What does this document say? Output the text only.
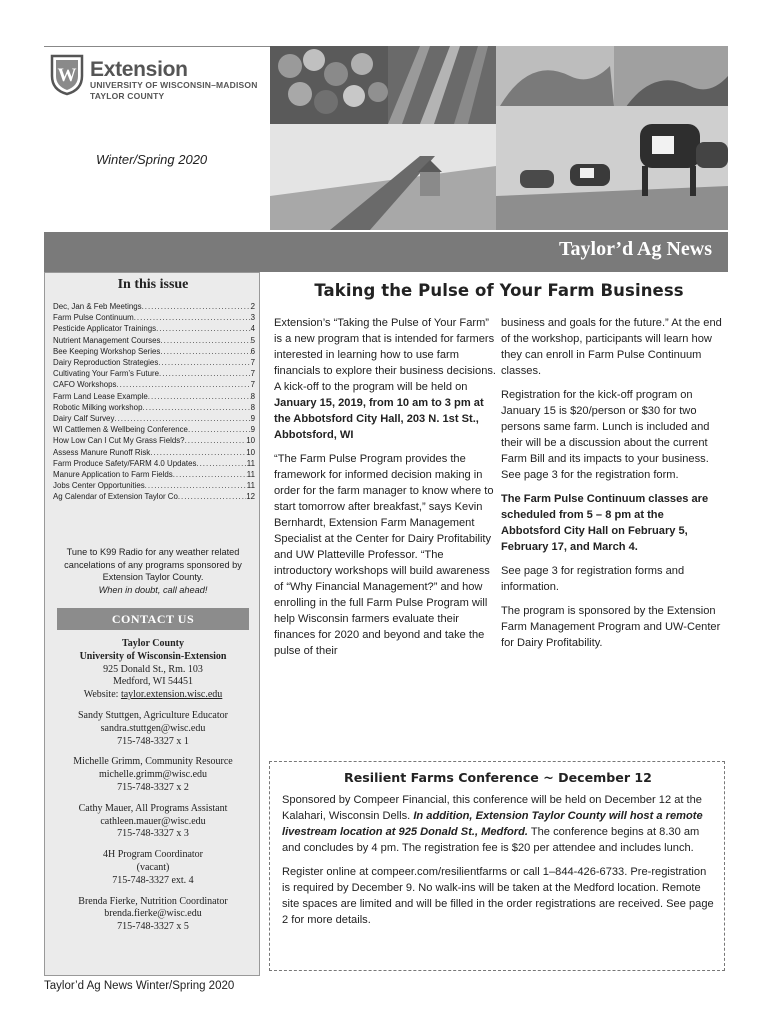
W Extension
UNIVERSITY OF WISCONSIN–MADISON
TAYLOR COUNTY
Winter/Spring 2020
Taylor’d Ag News
In this issue
Dec, Jan & Feb Meetings .....	2
Farm Pulse Continuum .....	3
Pesticide Applicator Trainings .....	4
Nutrient Management Courses .....	5
Bee Keeping Workshop Series .....	6
Dairy Reproduction Strategies .....	7
Cultivating Your Farm’s Future .....	7
CAFO Workshops .....	7
Farm Land Lease Example .....	8
Robotic Milking workshop .....	8
Dairy Calf Survey .....	9
WI Cattlemen & Wellbeing Conference .....	9
How Low Can I Cut My Grass Fields? .....	10
Assess Manure Runoff Risk .....	10
Farm Produce Safety/FARM 4.0 Updates .....	11
Manure Application to Farm Fields .....	11
Jobs Center Opportunities .....	11
Ag Calendar of Extension Taylor Co .....	12
Tune to K99 Radio for any weather related cancelations of any programs sponsored by Extension Taylor County.
When in doubt, call ahead!
CONTACT US
Taylor County
University of Wisconsin-Extension
925 Donald St., Rm. 103
Medford, WI 54451
Website: taylor.extension.wisc.edu
Sandy Stuttgen, Agriculture Educator
sandra.stuttgen@wisc.edu
715-748-3327 x 1
Michelle Grimm, Community Resource
michelle.grimm@wisc.edu
715-748-3327 x 2
Cathy Mauer, All Programs Assistant
cathleen.mauer@wisc.edu
715-748-3327 x 3
4H Program Coordinator
(vacant)
715-748-3327 ext. 4
Brenda Fierke, Nutrition Coordinator
brenda.fierke@wisc.edu
715-748-3327 x 5
Taking the Pulse of Your Farm Business

Extension’s “Taking the Pulse of Your Farm” is a new program that is intended for farmers interested in learning how to use farm financials to explore their business decisions. A kick-off to the program will be held on January 15, 2019, from 10 am to 3 pm at the Abbotsford City Hall, 203 N. 1st St., Abbotsford, WI

“The Farm Pulse Program provides the framework for informed decision making in order for the farm manager to know where to start tomorrow after breakfast,” says Kevin Bernhardt, Extension Farm Management Specialist at the Center for Dairy Profitability and UW Platteville Professor. “The introductory workshops will build awareness of “Why Financial Management?” and how enrolling in the full Farm Pulse Program will help Wisconsin farmers evaluate their finances for 2020 and beyond and take the pulse of their

business and goals for the future.” At the end of the workshop, participants will learn how they can enroll in Farm Pulse Continuum classes.

Registration for the kick-off program on January 15 is $20/person or $30 for two persons same farm. Lunch is included and their will be a discussion about the current Farm Bill and its impacts to your business. See page 3 for the registration form.

The Farm Pulse Continuum classes are scheduled from 5 – 8 pm at the Abbotsford City Hall on February 5, February 17, and March 4.

See page 3 for registration forms and information.

The program is sponsored by the Extension Farm Management Program and UW-Center for Dairy Profitability.

Resilient Farms Conference ~ December 12

Sponsored by Compeer Financial, this conference will be held on December 12 at the Kalahari, Wisconsin Dells. In addition, Extension Taylor County will host a remote livestream location at 925 Donald St., Medford. The conference begins at 8.30 am and concludes by 4 pm. The registration fee is $20 per attendee and includes lunch.

Register online at compeer.com/resilientfarms or call 1–844-426-6733. Pre-registration is required by December 9. No walk-ins will be taken at the Medford location. Remote site spaces are limited and will be filled in the order registrations are received. See page 2 for more details.

Taylor’d Ag News Winter/Spring 2020
